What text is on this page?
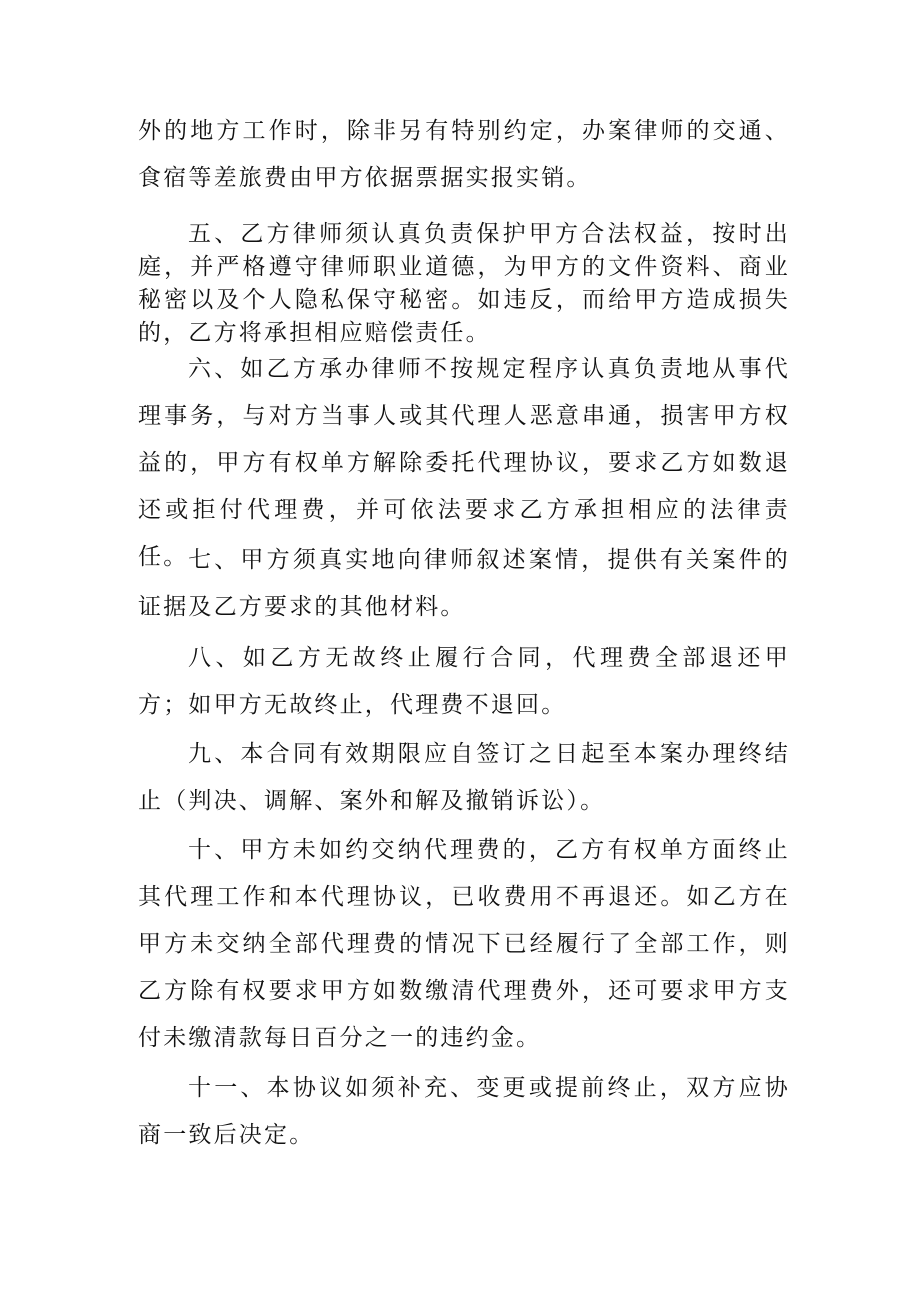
外的地方工作时，除非另有特别约定，办案律师的交通、食宿等差旅费由甲方依据票据实报实销。

五、乙方律师须认真负责保护甲方合法权益，按时出庭，并严格遵守律师职业道德，为甲方的文件资料、商业秘密以及个人隐私保守秘密。如违反，而给甲方造成损失的，乙方将承担相应赔偿责任。

六、如乙方承办律师不按规定程序认真负责地从事代理事务，与对方当事人或其代理人恶意串通，损害甲方权益的，甲方有权单方解除委托代理协议，要求乙方如数退还或拒付代理费，并可依法要求乙方承担相应的法律责任。 七、甲方须真实地向律师叙述案情，提供有关案件的证据及乙方要求的其他材料。

八、如乙方无故终止履行合同，代理费全部退还甲方；如甲方无故终止，代理费不退回。

九、本合同有效期限应自签订之日起至本案办理终结止（判决、调解、案外和解及撤销诉讼）。

十、甲方未如约交纳代理费的，乙方有权单方面终止其代理工作和本代理协议，已收费用不再退还。如乙方在甲方未交纳全部代理费的情况下已经履行了全部工作，则乙方除有权要求甲方如数缴清代理费外，还可要求甲方支付未缴清款每日百分之一的违约金。

十一、本协议如须补充、变更或提前终止，双方应协商一致后决定。
